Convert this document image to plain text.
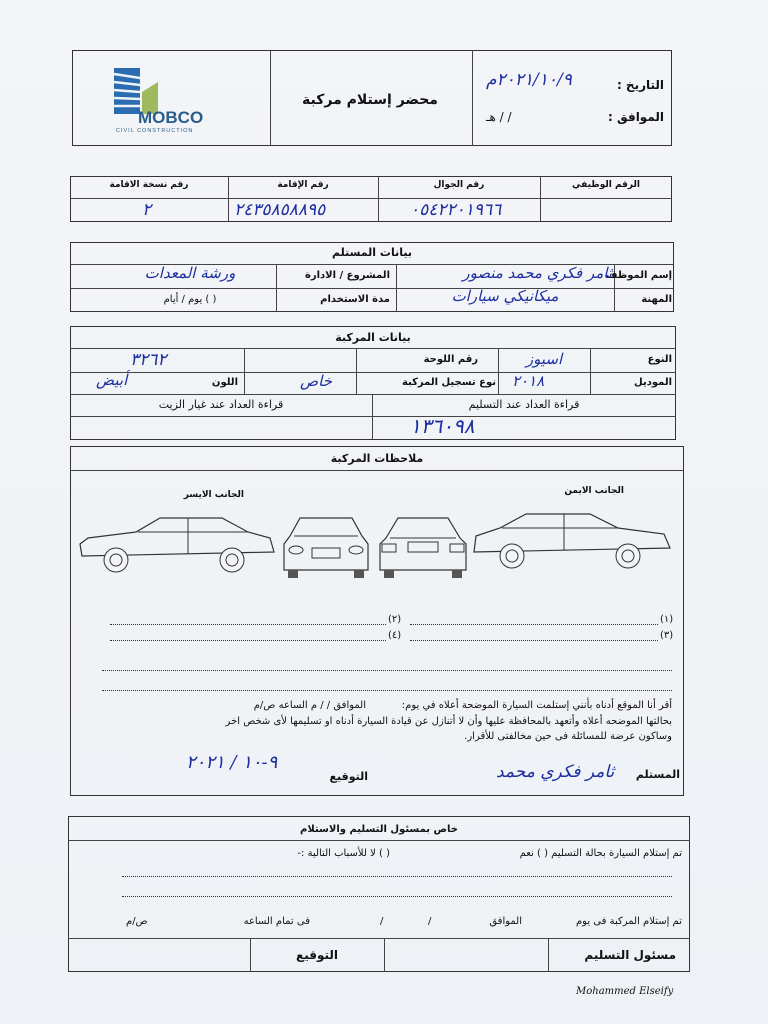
MOBCO
CIVIL CONSTRUCTION
محضر إستلام مركبة
التاريخ :
٢٠٢١/١٠/٩م
الموافق :
/ / هـ
الرقم الوظيفي
رقم الجوال
رقم الإقامة
رقم نسخة الاقامة
٠٥٤٢٢٠١٩٦٦
٢٤٣٥٨٥٨٨٩٥
٢
بيانات المستلم
إسم الموظف
ثامر فكري محمد منصور
المشروع / الادارة
ورشة المعدات
المهنة
ميكانيكي سيارات
مدة الاستخدام
( ) يوم / أيام
بيانات المركبة
النوع
اسيوز
رقم اللوحة
٣٢٦٢
الموديل
٢٠١٨
نوع تسجيل المركبة
خاص
اللون
أبيض
قراءة العداد عند التسليم
١٣٦٠٩٨
قراءة العداد عند غيار الزيت
ملاحظات المركبة
الجانب الايمن
الجانب الايسر
(١)
(٢)
(٣)
(٤)
أقر أنا الموقع أدناه بأنني إستلمت السيارة الموضحة أعلاه في يوم:
الموافق / / م الساعه ص/م
بحالتها الموضحه أعلاه وأتعهد بالمحافظة عليها وأن لا أتنازل عن قيادة السيارة أدناه او تسليمها لأى شخص اخر
وساكون عرضة للمسائلة فى حين مخالفتى للأقرار.
المستلم
ثامر فكري محمد
التوقيع
٩-١٠ / ٢٠٢١
خاص بمسئول التسليم والاستلام
تم إستلام السيارة بحالة التسليم ( ) نعم
( ) لا للأسباب التالية :-
تم إستلام المركبة فى يوم
الموافق
/
/
فى تمام الساعه
ص/م
مسئول التسليم
التوقيع
Mohammed Elseify
